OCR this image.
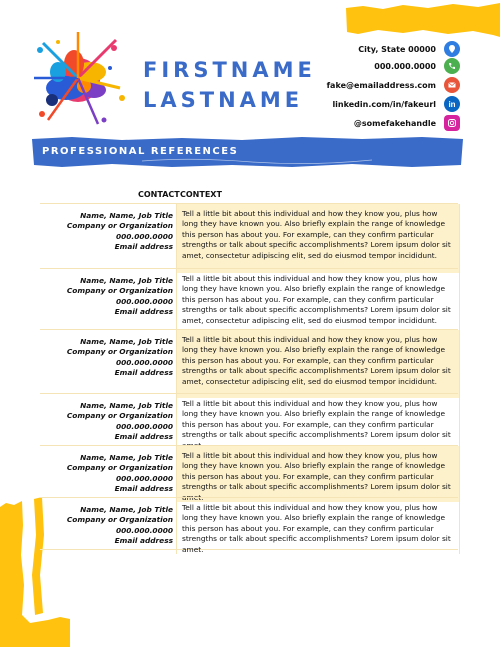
FIRSTNAME
LASTNAME
City, State 00000
000.000.0000
fake@emailaddress.com
linkedin.com/in/fakeurl	in
@somefakehandle
PROFESSIONAL REFERENCES
CONTACT CONTEXT
Name, Name, Job Title
Company or Organization
000.000.0000
Email address
Tell a little bit about this individual and how they know you, plus how long they have known you. Also briefly explain the range of knowledge this person has about you. For example, can they confirm particular strengths or talk about specific accomplishments? Lorem ipsum dolor sit amet, consectetur adipiscing elit, sed do eiusmod tempor incididunt.
Name, Name, Job Title
Company or Organization
000.000.0000
Email address
Tell a little bit about this individual and how they know you, plus how long they have known you. Also briefly explain the range of knowledge this person has about you. For example, can they confirm particular strengths or talk about specific accomplishments? Lorem ipsum dolor sit amet, consectetur adipiscing elit, sed do eiusmod tempor incididunt.
Name, Name, Job Title
Company or Organization
000.000.0000
Email address
Tell a little bit about this individual and how they know you, plus how long they have known you. Also briefly explain the range of knowledge this person has about you. For example, can they confirm particular strengths or talk about specific accomplishments? Lorem ipsum dolor sit amet, consectetur adipiscing elit, sed do eiusmod tempor incididunt.
Name, Name, Job Title
Company or Organization
000.000.0000
Email address
Tell a little bit about this individual and how they know you, plus how long they have known you. Also briefly explain the range of knowledge this person has about you. For example, can they confirm particular strengths or talk about specific accomplishments? Lorem ipsum dolor sit
Name, Name, Job Title
Company or Organization
000.000.0000
Email address
Tell a little bit about this individual and how they know you, plus how long they have known you. Also briefly explain the range of knowledge this person has about you. For example, can they confirm particular strengths or talk about specific accomplishments? Lorem ipsum dolor sit amet.
Name, Name, Job Title
Company or Organization
000.000.0000
Email address
Tell a little bit about this individual and how they know you, plus how long they have known you. Also briefly explain the range of knowledge this person has about you. For example, can they confirm particular strengths or talk about specific accomplishments? Lorem ipsum dolor sit amet.
